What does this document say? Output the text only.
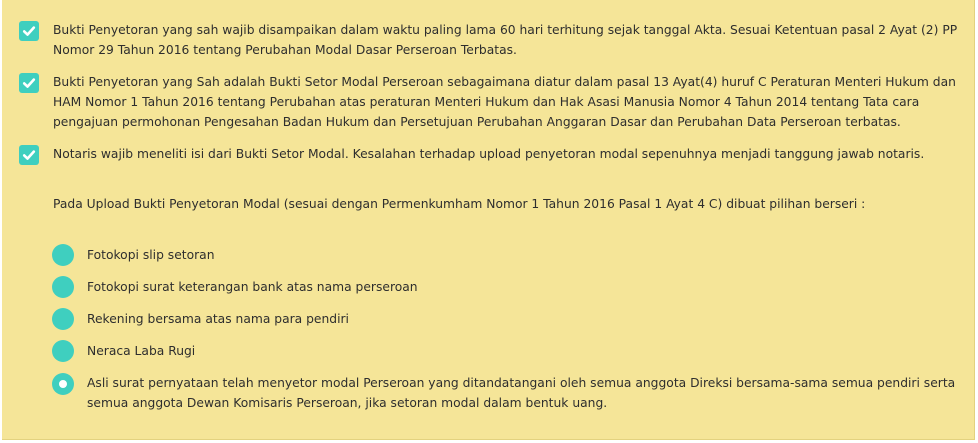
Bukti Penyetoran yang sah wajib disampaikan dalam waktu paling lama 60 hari terhitung sejak tanggal Akta. Sesuai Ketentuan pasal 2 Ayat (2) PP Nomor 29 Tahun 2016 tentang Perubahan Modal Dasar Perseroan Terbatas.
Bukti Penyetoran yang Sah adalah Bukti Setor Modal Perseroan sebagaimana diatur dalam pasal 13 Ayat(4) huruf C Peraturan Menteri Hukum dan HAM Nomor 1 Tahun 2016 tentang Perubahan atas peraturan Menteri Hukum dan Hak Asasi Manusia Nomor 4 Tahun 2014 tentang Tata cara pengajuan permohonan Pengesahan Badan Hukum dan Persetujuan Perubahan Anggaran Dasar dan Perubahan Data Perseroan terbatas.
Notaris wajib meneliti isi dari Bukti Setor Modal. Kesalahan terhadap upload penyetoran modal sepenuhnya menjadi tanggung jawab notaris.
Pada Upload Bukti Penyetoran Modal (sesuai dengan Permenkumham Nomor 1 Tahun 2016 Pasal 1 Ayat 4 C) dibuat pilihan berseri :
Fotokopi slip setoran
Fotokopi surat keterangan bank atas nama perseroan
Rekening bersama atas nama para pendiri
Neraca Laba Rugi
Asli surat pernyataan telah menyetor modal Perseroan yang ditandatangani oleh semua anggota Direksi bersama-sama semua pendiri serta semua anggota Dewan Komisaris Perseroan, jika setoran modal dalam bentuk uang.
